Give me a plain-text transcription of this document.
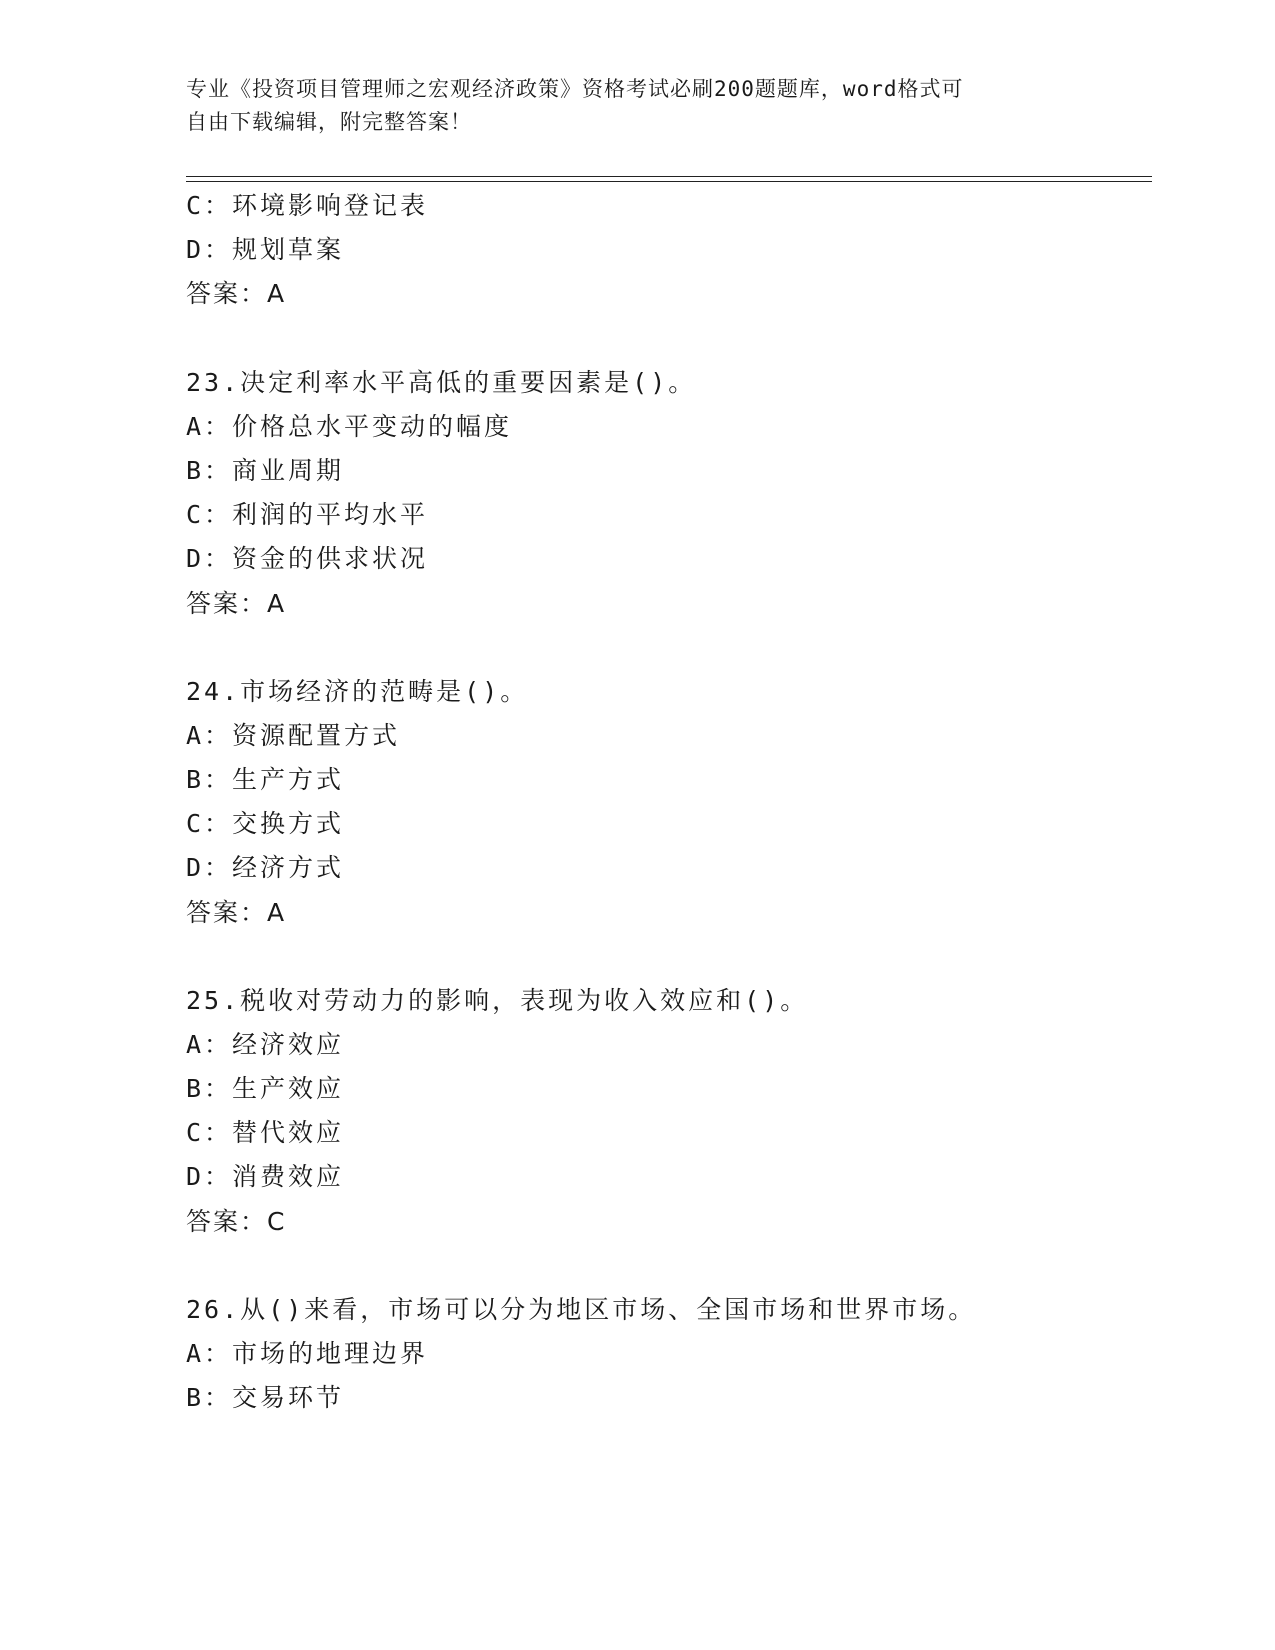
专业《投资项目管理师之宏观经济政策》资格考试必刷200题题库，word格式可
自由下载编辑，附完整答案！
C：环境影响登记表
D：规划草案
答案：A
23.决定利率水平高低的重要因素是()。
A：价格总水平变动的幅度
B：商业周期
C：利润的平均水平
D：资金的供求状况
答案：A
24.市场经济的范畴是()。
A：资源配置方式
B：生产方式
C：交换方式
D：经济方式
答案：A
25.税收对劳动力的影响，表现为收入效应和()。
A：经济效应
B：生产效应
C：替代效应
D：消费效应
答案：C
26.从()来看，市场可以分为地区市场、全国市场和世界市场。
A：市场的地理边界
B：交易环节
